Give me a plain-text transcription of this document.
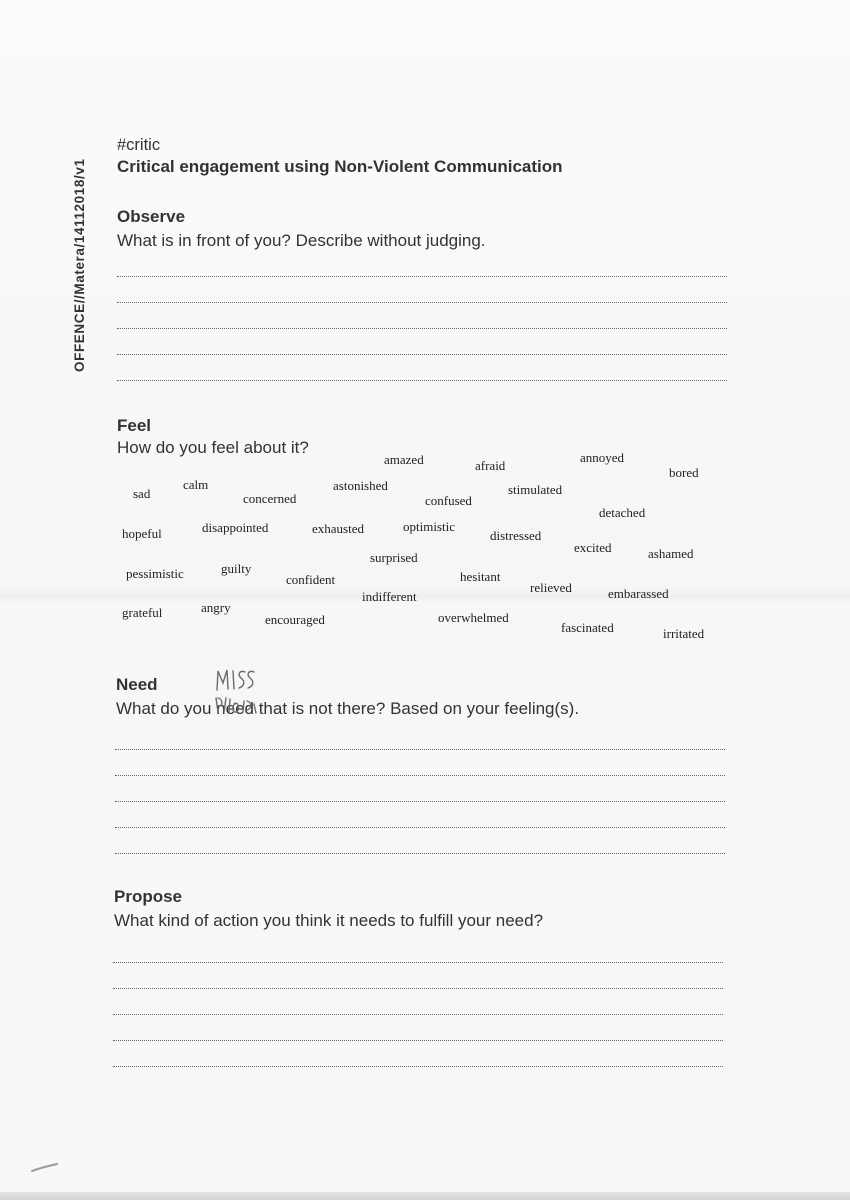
OFFENCE//Matera/14112018/v1
#critic
Critical engagement using Non-Violent Communication
Observe
What is in front of you? Describe without judging.
Feel
How do you feel about it?
amazed	afraid
annoyed
bored
sad
calm
concerned
astonished
confused
stimulated
detached
hopeful	disappointed	exhausted	optimistic
distressed
excited	ashamed
surprised
pessimistic	guilty
confident	hesitant
relieved	embarassed
indifferent
grateful	angry
encouraged	overwhelmed
fascinated	irritated
Need
What do you need that is not there? Based on your feeling(s).
Propose
What kind of action you think it needs to fulfill your need?
